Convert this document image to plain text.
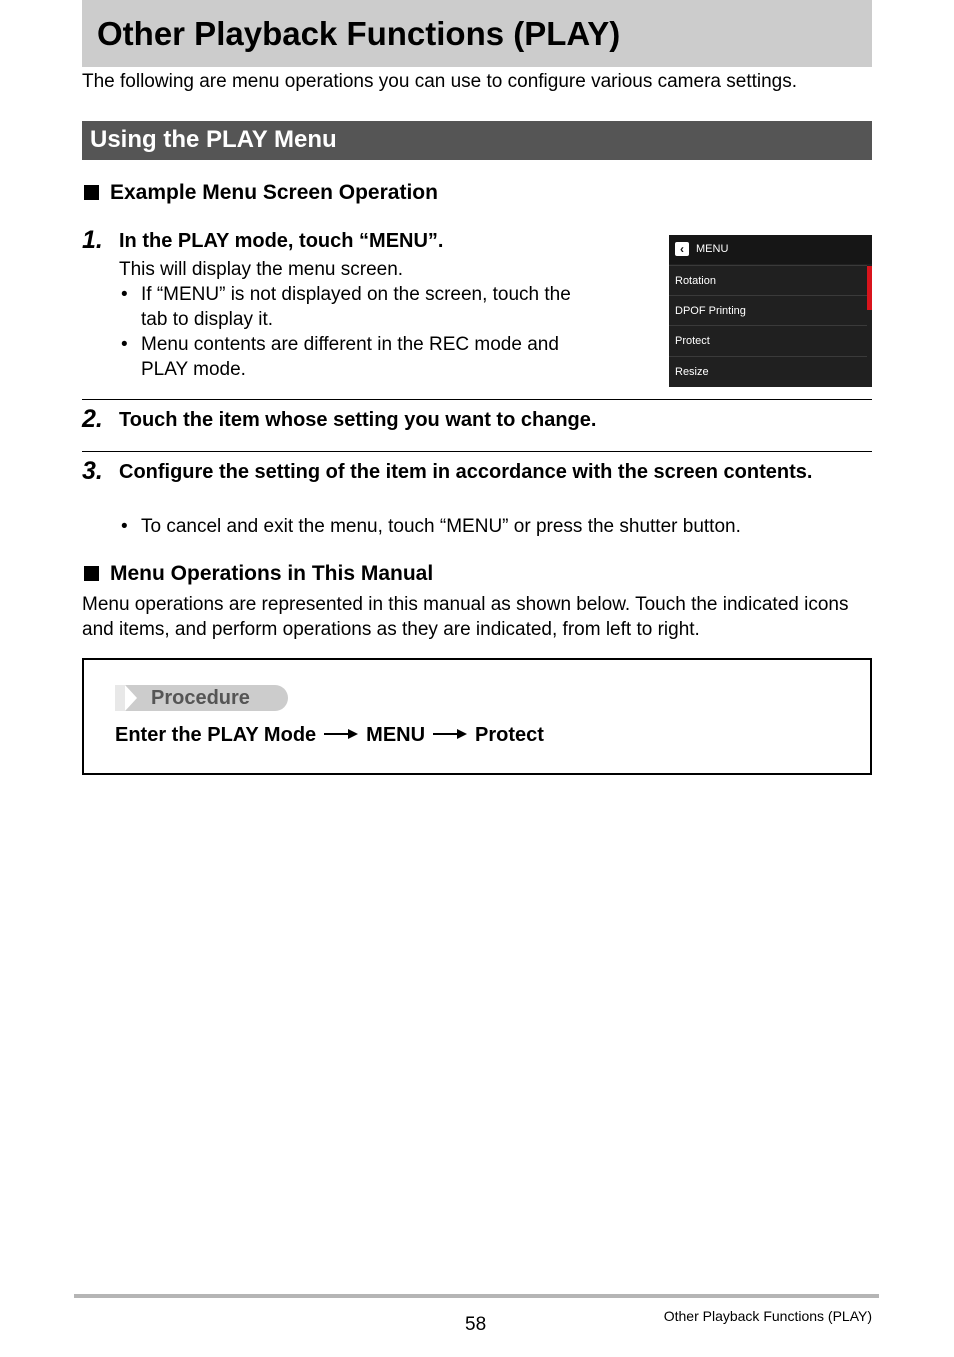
Other Playback Functions (PLAY)

The following are menu operations you can use to configure various camera settings.

Using the PLAY Menu
Example Menu Screen Operation
1. In the PLAY mode, touch “MENU”.
This will display the menu screen.
• If “MENU” is not displayed on the screen, touch the tab to display it.
• Menu contents are different in the REC mode and PLAY mode.
‹	MENU
Rotation
DPOF Printing
Protect
Resize
2. Touch the item whose setting you want to change.
3. Configure the setting of the item in accordance with the screen contents.
• To cancel and exit the menu, touch “MENU” or press the shutter button.
Menu Operations in This Manual

Menu operations are represented in this manual as shown below. Touch the indicated icons and items, and perform operations as they are indicated, from left to right.

Procedure
Enter the PLAY Mode	MENU	Protect
58	Other Playback Functions (PLAY)
